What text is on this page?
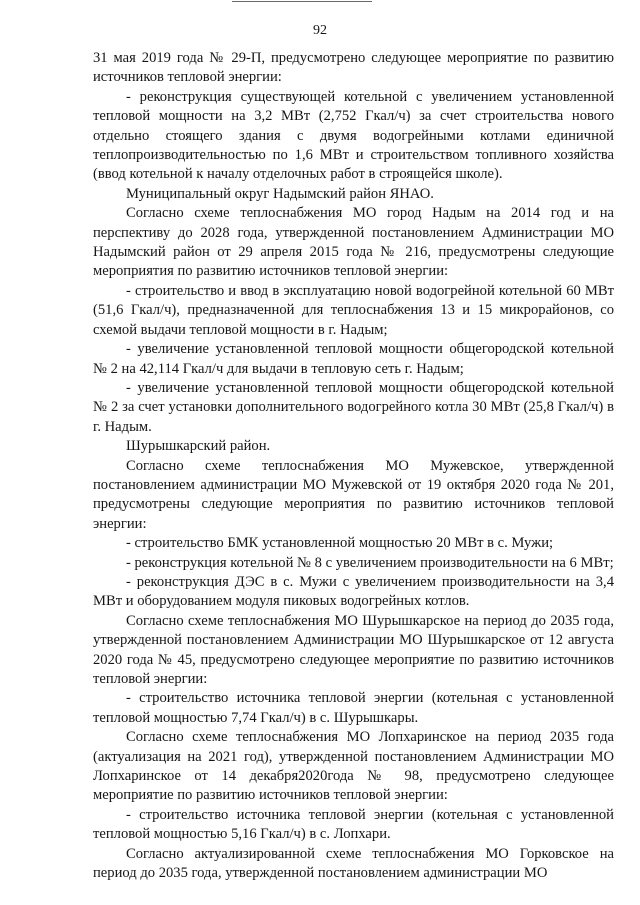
92

31 мая 2019 года № 29-П, предусмотрено следующее мероприятие по развитию источников тепловой энергии:

- реконструкция существующей котельной с увеличением установленной тепловой мощности на 3,2 МВт (2,752 Гкал/ч) за счет строительства нового отдельно стоящего здания с двумя водогрейными котлами единичной теплопроизводительностью по 1,6 МВт и строительством топливного хозяйства (ввод котельной к началу отделочных работ в строящейся школе).

Муниципальный округ Надымский район ЯНАО.

Согласно схеме теплоснабжения МО город Надым на 2014 год и на перспективу до 2028 года, утвержденной постановлением Администрации МО Надымский район от 29 апреля 2015 года № 216, предусмотрены следующие мероприятия по развитию источников тепловой энергии:

- строительство и ввод в эксплуатацию новой водогрейной котельной 60 МВт (51,6 Гкал/ч), предназначенной для теплоснабжения 13 и 15 микрорайонов, со схемой выдачи тепловой мощности в г. Надым;

- увеличение установленной тепловой мощности общегородской котельной № 2 на 42,114 Гкал/ч для выдачи в тепловую сеть г. Надым;

- увеличение установленной тепловой мощности общегородской котельной № 2 за счет установки дополнительного водогрейного котла 30 МВт (25,8 Гкал/ч) в г. Надым.

Шурышкарский район.

Согласно схеме теплоснабжения МО Мужевское, утвержденной постановлением администрации МО Мужевской от 19 октября 2020 года № 201, предусмотрены следующие мероприятия по развитию источников тепловой энергии:

- строительство БМК установленной мощностью 20 МВт в с. Мужи;

- реконструкция котельной № 8 с увеличением производительности на 6 МВт;

- реконструкция ДЭС в с. Мужи с увеличением производительности на 3,4 МВт и оборудованием модуля пиковых водогрейных котлов.

Согласно схеме теплоснабжения МО Шурышкарское на период до 2035 года, утвержденной постановлением Администрации МО Шурышкарское от 12 августа 2020 года № 45, предусмотрено следующее мероприятие по развитию источников тепловой энергии:

- строительство источника тепловой энергии (котельная с установленной тепловой мощностью 7,74 Гкал/ч) в с. Шурышкары.

Согласно схеме теплоснабжения МО Лопхаринское на период 2035 года (актуализация на 2021 год), утвержденной постановлением Администрации МО Лопхаринское от 14 декабря2020года № 98, предусмотрено следующее мероприятие по развитию источников тепловой энергии:

- строительство источника тепловой энергии (котельная с установленной тепловой мощностью 5,16 Гкал/ч) в с. Лопхари.

Согласно актуализированной схеме теплоснабжения МО Горковское на период до 2035 года, утвержденной постановлением администрации МО
